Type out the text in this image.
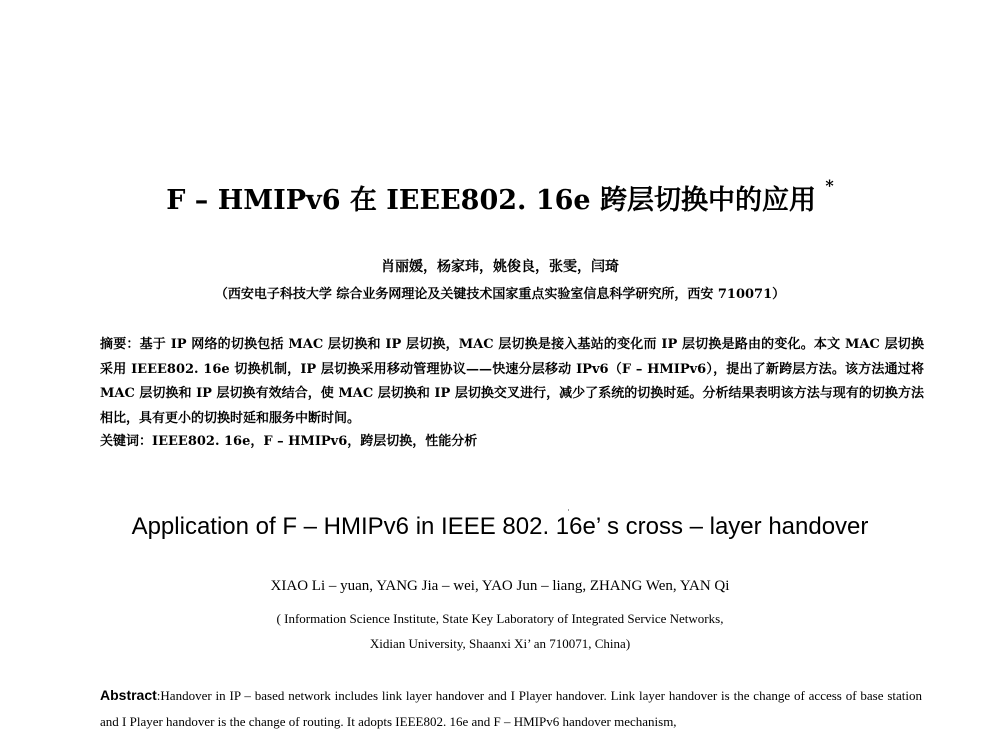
F – HMIPv6 在 IEEE802. 16e 跨层切换中的应用 *
肖丽媛，杨家玮，姚俊良，张雯，闫琦
（西安电子科技大学 综合业务网理论及关键技术国家重点实验室信息科学研究所，西安 710071）
摘要：基于 IP 网络的切换包括 MAC 层切换和 IP 层切换，MAC 层切换是接入基站的变化而 IP 层切换是路由的变化。本文 MAC 层切换采用 IEEE802. 16e 切换机制，IP 层切换采用移动管理协议——快速分层移动 IPv6（F – HMIPv6），提出了新跨层方法。该方法通过将 MAC 层切换和 IP 层切换有效结合，使 MAC 层切换和 IP 层切换交叉进行，减少了系统的切换时延。分析结果表明该方法与现有的切换方法相比，具有更小的切换时延和服务中断时间。
关键词：IEEE802. 16e，F – HMIPv6，跨层切换，性能分析
Application of F – HMIPv6 in IEEE 802. 16e’ s cross – layer handover
XIAO Li – yuan, YANG Jia – wei, YAO Jun – liang, ZHANG Wen, YAN Qi
( Information Science Institute, State Key Laboratory of Integrated Service Networks,
Xidian University, Shaanxi Xi’ an 710071, China)
Abstract:Handover in IP – based network includes link layer handover and I Player handover. Link layer handover is the change of access of base station and I Player handover is the change of routing. It adopts IEEE802. 16e and F – HMIPv6 handover mechanism,
